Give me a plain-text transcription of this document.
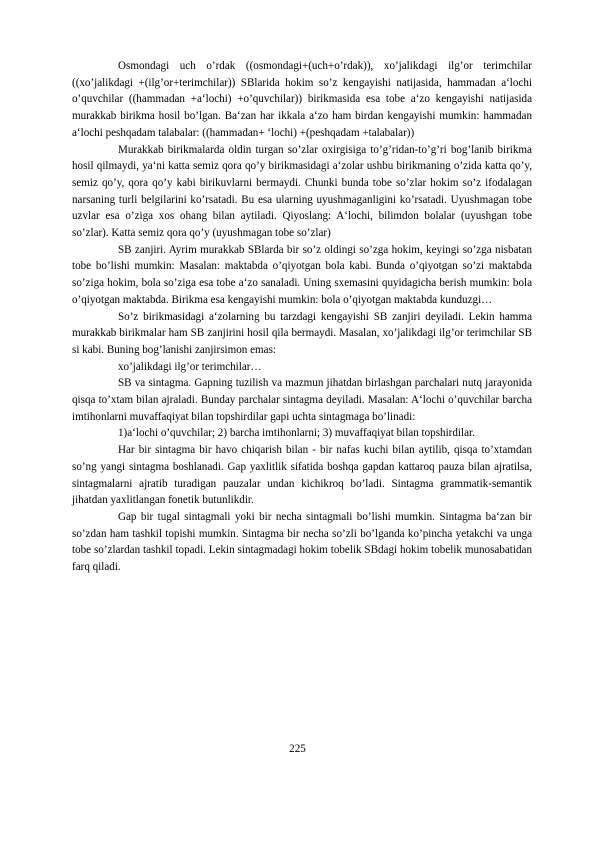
Osmondagi uch o’rdak ((osmondagi+(uch+o’rdak)), xo’jalikdagi ilg’or terimchilar ((xo’jalikdagi +(ilg’or+terimchilar)) SBlarida hokim so’z kengayishi natijasida, hammadan a‘lochi o’quvchilar ((hammadan +a‘lochi) +o’quvchilar)) birikmasida esa tobe a‘zo kengayishi natijasida murakkab birikma hosil bo’lgan. Ba‘zan har ikkala a‘zo ham birdan kengayishi mumkin: hammadan a‘lochi peshqadam talabalar: ((hammadan+ ‘lochi) +(peshqadam +talabalar))

Murakkab birikmalarda oldin turgan so’zlar oxirgisiga to’g’ridan-to’g’ri bog’lanib birikma hosil qilmaydi, ya‘ni katta semiz qora qo’y birikmasidagi a‘zolar ushbu birikmaning o’zida katta qo’y, semiz qo’y, qora qo’y kabi birikuvlarni bermaydi. Chunki bunda tobe so’zlar hokim so’z ifodalagan narsaning turli belgilarini ko’rsatadi. Bu esa ularning uyushmaganligini ko’rsatadi. Uyushmagan tobe uzvlar esa o’ziga xos ohang bilan aytiladi. Qiyoslang: A‘lochi, bilimdon bolalar (uyushgan tobe so’zlar). Katta semiz qora qo’y (uyushmagan tobe so’zlar)

SB zanjiri. Ayrim murakkab SBlarda bir so’z oldingi so’zga hokim, keyingi so’zga nisbatan tobe bo’lishi mumkin: Masalan: maktabda o’qiyotgan bola kabi. Bunda o’qiyotgan so’zi maktabda so’ziga hokim, bola so’ziga esa tobe a‘zo sanaladi. Uning sxemasini quyidagicha berish mumkin: bola o’qiyotgan maktabda. Birikma esa kengayishi mumkin: bola o’qiyotgan maktabda kunduzgi…

So’z birikmasidagi a‘zolarning bu tarzdagi kengayishi SB zanjiri deyiladi. Lekin hamma murakkab birikmalar ham SB zanjirini hosil qila bermaydi. Masalan, xo’jalikdagi ilg’or terimchilar SB si kabi. Buning bog’lanishi zanjirsimon emas:

xo’jalikdagi ilg’or terimchilar…

SB va sintagma. Gapning tuzilish va mazmun jihatdan birlashgan parchalari nutq jarayonida qisqa to’xtam bilan ajraladi. Bunday parchalar sintagma deyiladi. Masalan: A‘lochi o’quvchilar barcha imtihonlarni muvaffaqiyat bilan topshirdilar gapi uchta sintagmaga bo’linadi:

1)a‘lochi o’quvchilar; 2) barcha imtihonlarni; 3) muvaffaqiyat bilan topshirdilar.

Har bir sintagma bir havo chiqarish bilan - bir nafas kuchi bilan aytilib, qisqa to’xtamdan so’ng yangi sintagma boshlanadi. Gap yaxlitlik sifatida boshqa gapdan kattaroq pauza bilan ajratilsa, sintagmalarni ajratib turadigan pauzalar undan kichikroq bo’ladi. Sintagma grammatik-semantik jihatdan yaxlitlangan fonetik butunlikdir.

Gap bir tugal sintagmali yoki bir necha sintagmali bo’lishi mumkin. Sintagma ba‘zan bir so’zdan ham tashkil topishi mumkin. Sintagma bir necha so’zli bo’lganda ko’pincha yetakchi va unga tobe so’zlardan tashkil topadi. Lekin sintagmadagi hokim tobelik SBdagi hokim tobelik munosabatidan farq qiladi.

225
